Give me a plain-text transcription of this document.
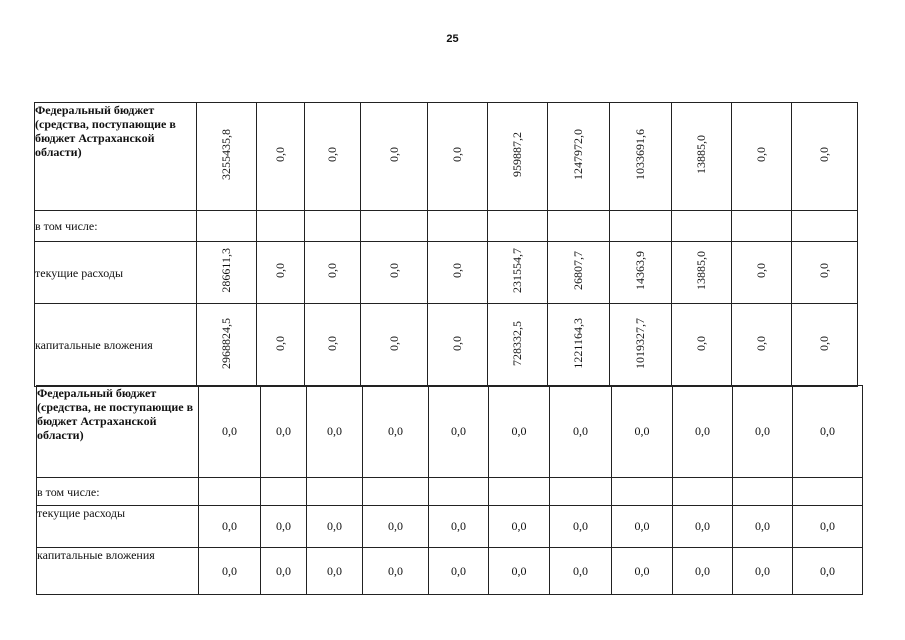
25
Федеральный бюджет (средства, поступающие в бюджет Астраханской области)	3255435,8	0,0	0,0	0,0	0,0	959887,2	1247972,0	1033691,6	13885,0	0,0	0,0
в том числе:											
текущие расходы	286611,3	0,0	0,0	0,0	0,0	231554,7	26807,7	14363,9	13885,0	0,0	0,0
капитальные вложения	2968824,5	0,0	0,0	0,0	0,0	728332,5	1221164,3	1019327,7	0,0	0,0	0,0
Федеральный бюджет (средства, не поступающие в бюджет Астраханской области)	0,0	0,0	0,0	0,0	0,0	0,0	0,0	0,0	0,0	0,0	0,0
в том числе:											
текущие расходы	0,0	0,0	0,0	0,0	0,0	0,0	0,0	0,0	0,0	0,0	0,0
капитальные вложения	0,0	0,0	0,0	0,0	0,0	0,0	0,0	0,0	0,0	0,0	0,0
